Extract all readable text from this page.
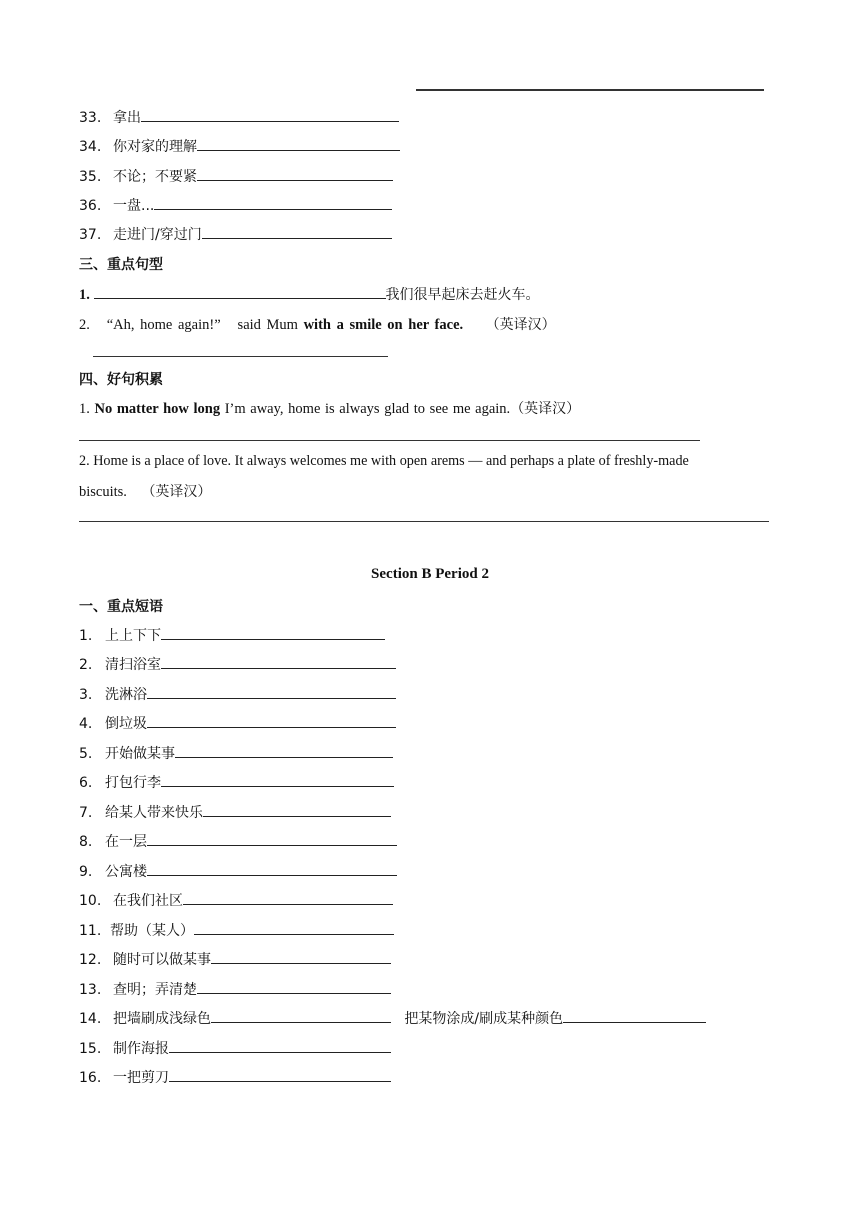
33. 拿出
34. 你对家的理解
35. 不论；不要紧
36. 一盘...
37. 走进门/穿过门
三、重点句型
1.	我们很早起床去赶火车。
2. “Ah, home again!” said Mum with a smile on her face. （英译汉）
四、好句积累
1. No matter how long I’m away, home is always glad to see me again.（英译汉）
2. Home is a place of love. It always welcomes me with open arems — and perhaps a plate of freshly-made
biscuits. （英译汉）
Section B Period 2
一、重点短语
1. 上上下下
2. 清扫浴室
3. 洗淋浴
4. 倒垃圾
5. 开始做某事
6. 打包行李
7. 给某人带来快乐
8. 在一层
9. 公寓楼
10. 在我们社区
11. 帮助（某人）
12. 随时可以做某事
13. 查明；弄清楚
14. 把墙刷成浅绿色	把某物涂成/刷成某种颜色
15. 制作海报
16. 一把剪刀
